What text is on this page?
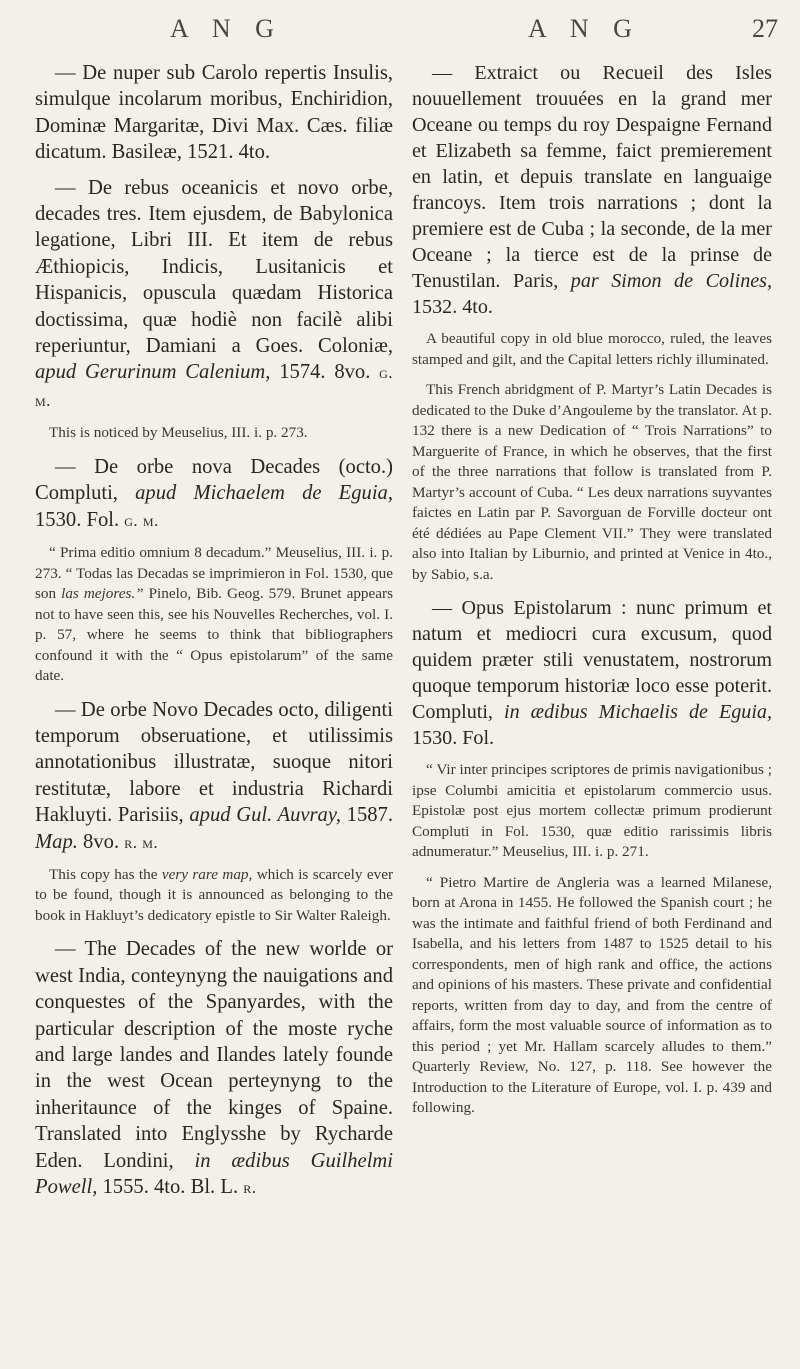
A N G	A N G	27

— De nuper sub Carolo repertis Insulis, simulque incolarum moribus, Enchiridion, Dominæ Margaritæ, Divi Max. Cæs. filiæ dicatum. Basileæ, 1521. 4to.

— De rebus oceanicis et novo orbe, decades tres. Item ejusdem, de Babylonica legatione, Libri III. Et item de rebus Æthiopicis, Indicis, Lusitanicis et Hispanicis, opuscula quædam Historica doctissima, quæ hodiè non facilè alibi reperiuntur, Damiani a Goes. Coloniæ, apud Gerurinum Calenium, 1574. 8vo. g. m.

This is noticed by Meuselius, III. i. p. 273.

— De orbe nova Decades (octo.) Compluti, apud Michaelem de Eguia, 1530. Fol. g. m.

“ Prima editio omnium 8 decadum.” Meuselius, III. i. p. 273. “ Todas las Decadas se imprimieron in Fol. 1530, que son las mejores.” Pinelo, Bib. Geog. 579. Brunet appears not to have seen this, see his Nouvelles Recherches, vol. I. p. 57, where he seems to think that bibliographers confound it with the “ Opus epistolarum” of the same date.

— De orbe Novo Decades octo, diligenti temporum obseruatione, et utilissimis annotationibus illustratæ, suoque nitori restitutæ, labore et industria Richardi Hakluyti. Parisiis, apud Gul. Auvray, 1587. Map. 8vo. r. m.

This copy has the very rare map, which is scarcely ever to be found, though it is announced as belonging to the book in Hakluyt’s dedicatory epistle to Sir Walter Raleigh.

— The Decades of the new worlde or west India, conteynyng the nauigations and conquestes of the Spanyardes, with the particular description of the moste ryche and large landes and Ilandes lately founde in the west Ocean perteynyng to the inheritaunce of the kinges of Spaine. Translated into Englysshe by Rycharde Eden. Londini, in ædibus Guilhelmi Powell, 1555. 4to. Bl. L. r.

— Extraict ou Recueil des Isles nouuellement trouuées en la grand mer Oceane ou temps du roy Despaigne Fernand et Elizabeth sa femme, faict premierement en latin, et depuis translate en languaige francoys. Item trois narrations ; dont la premiere est de Cuba ; la seconde, de la mer Oceane ; la tierce est de la prinse de Tenustilan. Paris, par Simon de Colines, 1532. 4to.

A beautiful copy in old blue morocco, ruled, the leaves stamped and gilt, and the Capital letters richly illuminated.

This French abridgment of P. Martyr’s Latin Decades is dedicated to the Duke d’Angouleme by the translator. At p. 132 there is a new Dedication of “ Trois Narrations” to Marguerite of France, in which he observes, that the first of the three narrations that follow is translated from P. Martyr’s account of Cuba. “ Les deux narrations suyvantes faictes en Latin par P. Savorguan de Forville docteur ont été dédiées au Pape Clement VII.” They were translated also into Italian by Liburnio, and printed at Venice in 4to., by Sabio, s.a.

— Opus Epistolarum : nunc primum et natum et mediocri cura excusum, quod quidem præter stili venustatem, nostrorum quoque temporum historiæ loco esse poterit. Compluti, in ædibus Michaelis de Eguia, 1530. Fol.

“ Vir inter principes scriptores de primis navigationibus ; ipse Columbi amicitia et epistolarum commercio usus. Epistolæ post ejus mortem collectæ primum prodierunt Compluti in Fol. 1530, quæ editio rarissimis libris adnumeratur.” Meuselius, III. i. p. 271.

“ Pietro Martire de Angleria was a learned Milanese, born at Arona in 1455. He followed the Spanish court ; he was the intimate and faithful friend of both Ferdinand and Isabella, and his letters from 1487 to 1525 detail to his correspondents, men of high rank and office, the actions and opinions of his masters. These private and confidential reports, written from day to day, and from the centre of affairs, form the most valuable source of information as to this period ; yet Mr. Hallam scarcely alludes to them.” Quarterly Review, No. 127, p. 118. See however the Introduction to the Literature of Europe, vol. I. p. 439 and following.
